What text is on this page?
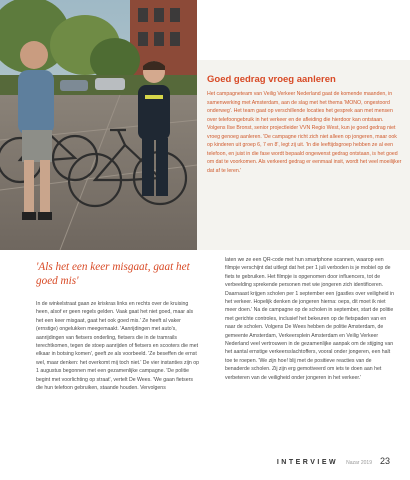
Goed gedrag vroeg aanleren

Het campagneteam van Veilig Verkeer Nederland gaat de komende maanden, in samenwerking met Amsterdam, aan de slag met het thema 'MONO, ongestoord onderweg'. Het team gaat op verschillende locaties het gesprek aan met mensen over telefoongebruik in het verkeer en de afleiding die hierdoor kan ontstaan. Volgens Ilse Bronst, senior projectleider VVN Regio West, kun je goed gedrag niet vroeg genoeg aanleren. 'De campagne richt zich niet alleen op jongeren, maar ook op kinderen uit groep 6, 7 en 8', legt zij uit. 'In die leeftijdsgroep hebben ze al een telefoon, en juist in die fase wordt bepaald ongewenst gedrag ontstaan, is het goed om dat te voorkomen. Als verkeerd gedrag er eenmaal insit, wordt het veel moeilijker dat af te leren.'

'Als het een keer misgaat, gaat het goed mis'

In de winkelstraat gaan ze kriskras links en rechts over de kruising heen, alsof er geen regels gelden. Vaak gaat het niet goed, maar als het een keer misgaat, gaat het ook goed mis.' Ze heeft al vaker (ernstige) ongelukken meegemaakt. 'Aanrijdingen met auto's, aanrijdingen van fietsers onderling, fietsers die in de tramrails terechtkomen, tegen de stoep aanrijden of fietsers en scooters die met elkaar in botsing komen', geeft ze als voorbeeld. 'Ze beseffen de ernst wel, maar denken: het overkomt mij toch niet.' De vier instanties zijn op 1 augustus begonnen met een gezamenlijke campagne. 'De politie begint met voorlichting op straat', vertelt De Wees. 'We gaan fietsers die hun telefoon gebruiken, staande houden. Vervolgens

laten we ze een QR-code met hun smartphone scannen, waarop een filmpje verschijnt dat uitlegt dat het per 1 juli verboden is je mobiel op de fiets te gebruiken. Het filmpje is opgenomen door influencers, tot de verbeelding sprekende personen met wie jongeren zich identificeren. Daarnaast krijgen scholen per 1 september een (gastles over veiligheid in het verkeer. Hopelijk denken de jongeren hierna: oeps, dit moet ik niet meer doen.' Na de campagne op de scholen in september, start de politie met gerichte controles, inclusief het bekeuren op de fietspaden van en naar de scholen. Volgens De Wees hebben de politie Amsterdam, de gemeente Amsterdam, Verkeersplein Amsterdam en Veilig Verkeer Nederland veel vertrouwen in de gezamenlijke aanpak om de stijging van het aantal ernstige verkeersslachtoffers, vooral onder jongeren, een halt toe te roepen. 'We zijn hoe! blij met de positieve reacties van de benaderde scholen. Zij zijn erg gemotiveerd om iets te doen aan het verbeteren van de veiligheid onder jongeren in het verkeer.'

INTERVIEW Nazar 2019 23
